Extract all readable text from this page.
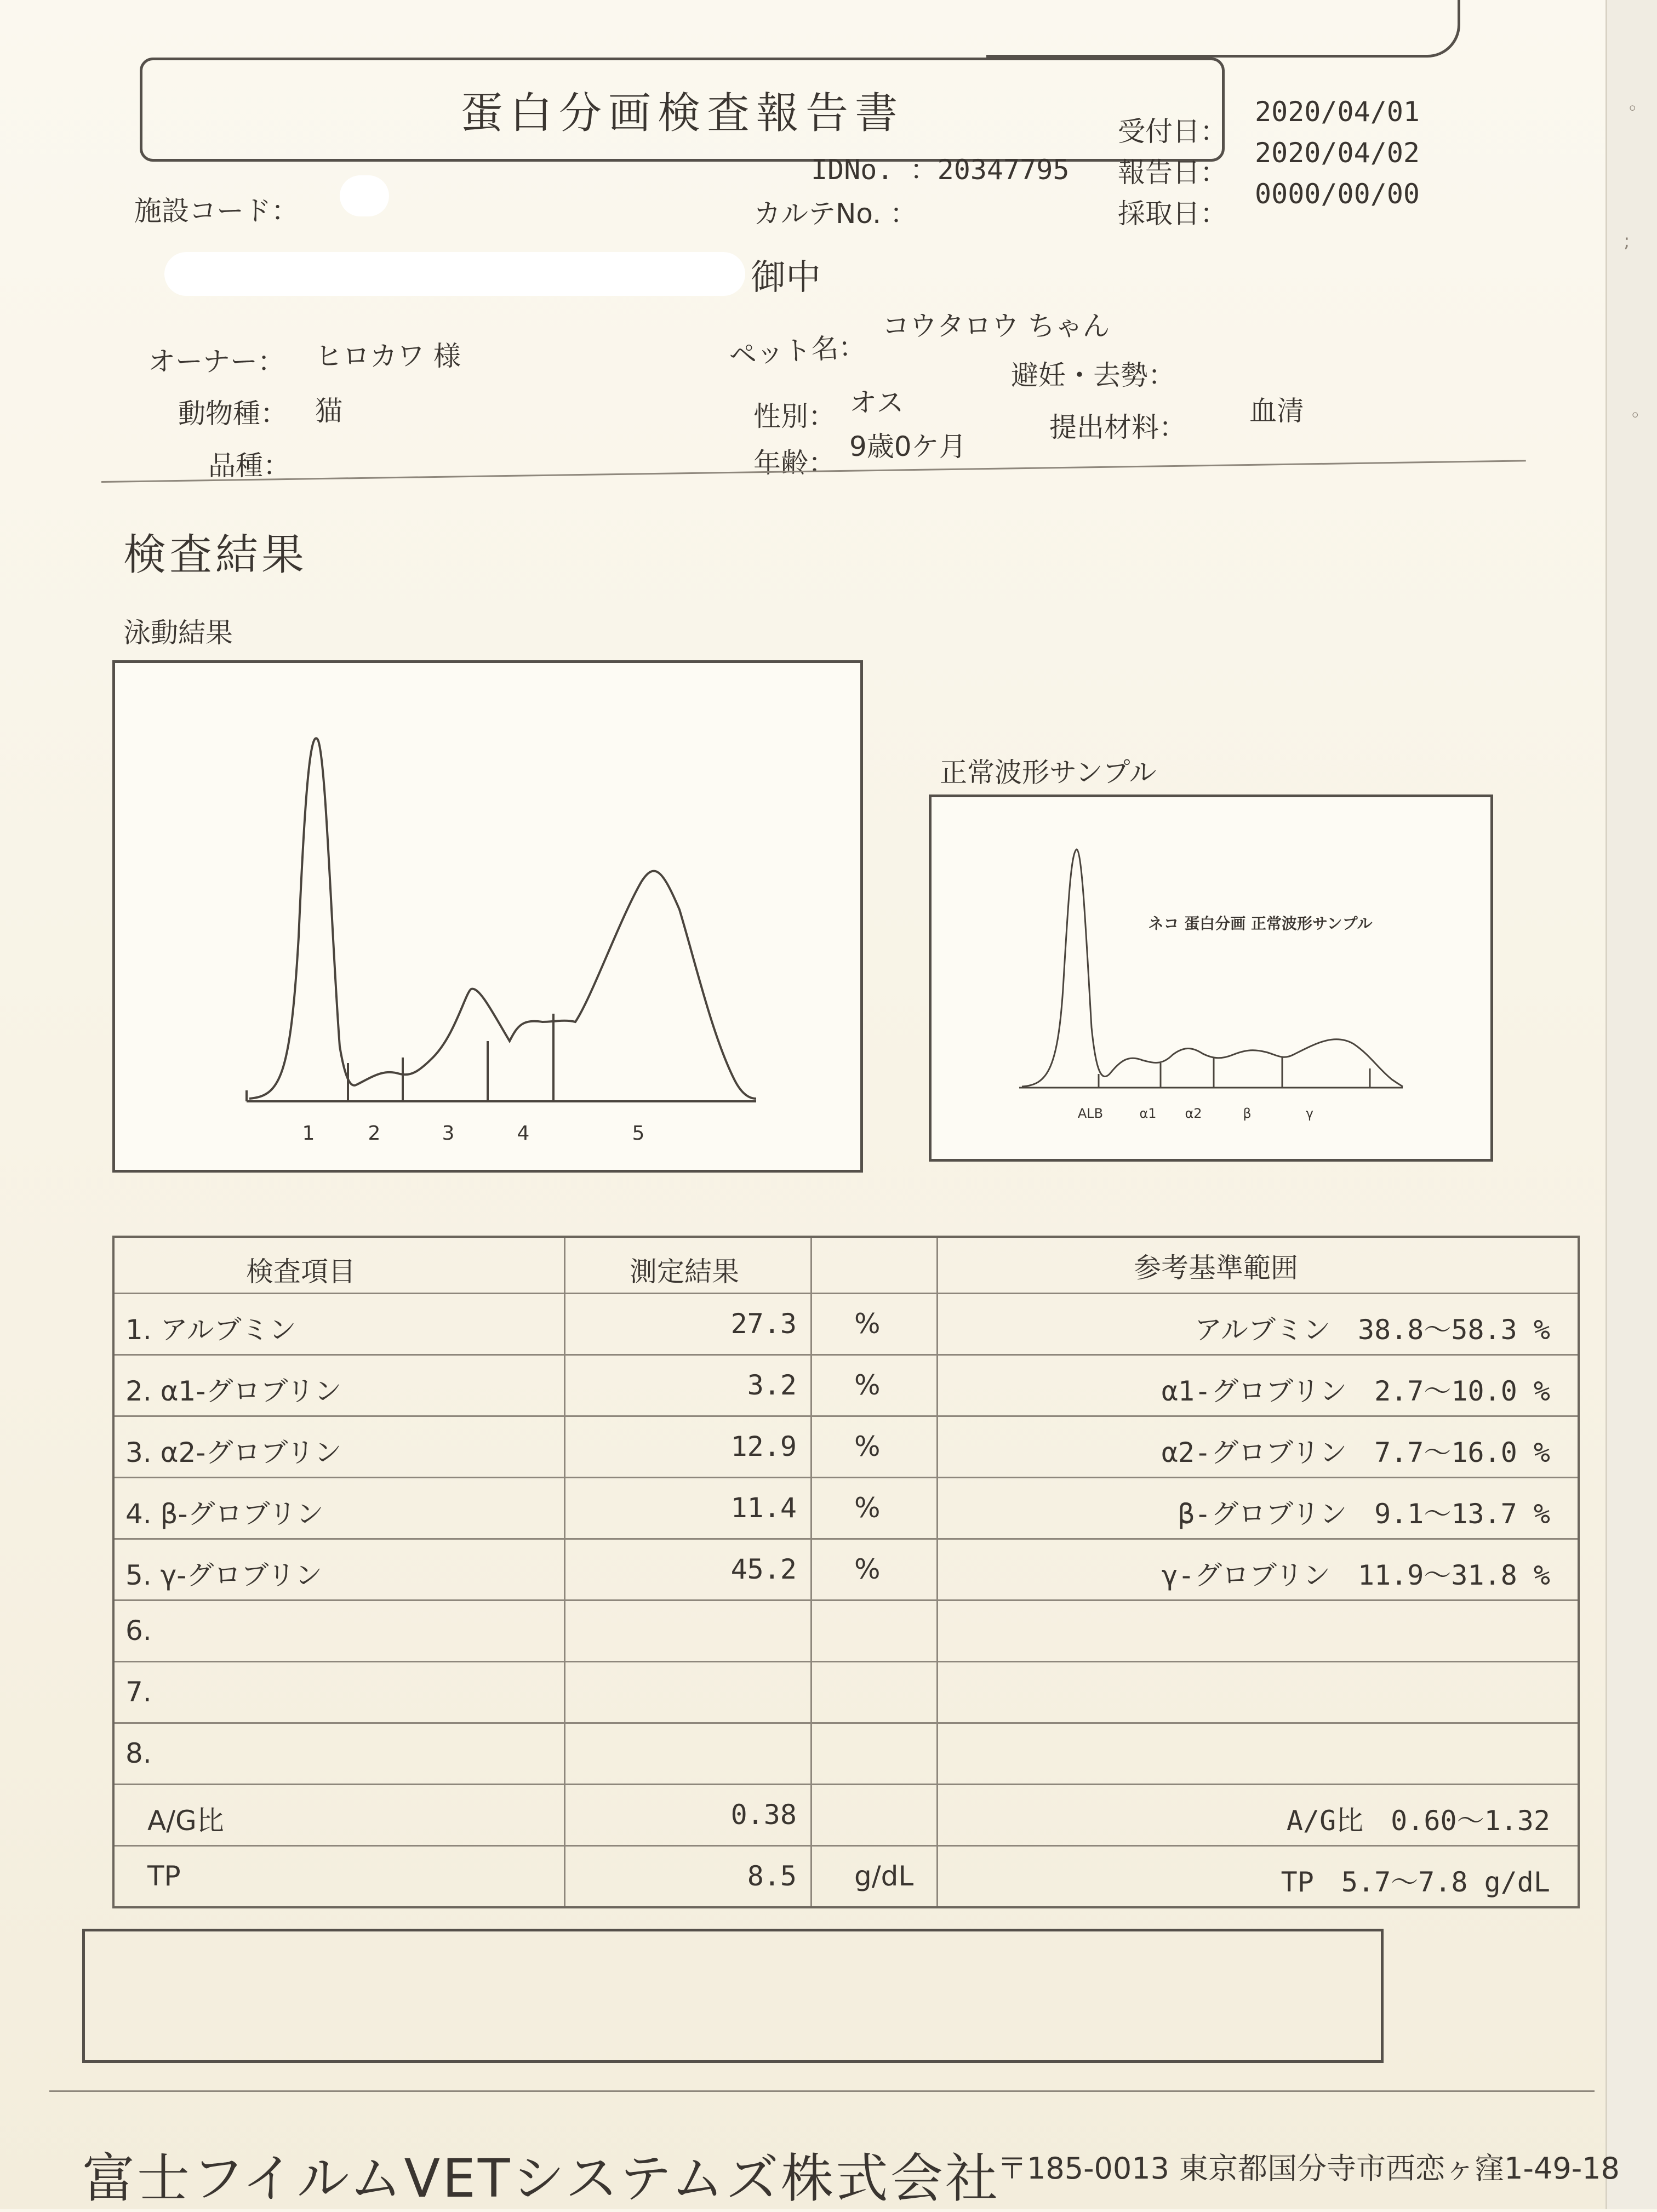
。
;
。
蛋白分画検査報告書
施設コード：
IDNo. ：20347795
カルテNo. ：
受付日：
2020/04/01
報告日：
2020/04/02
採取日：
0000/00/00
御中
オーナー： ヒロカワ 様
動物種： 猫
品種：
ペット名：
コウタロウ ちゃん
性別： オス
避妊・去勢：
年齢：
9歳0ケ月
提出材料：
血清
検査結果
泳動結果
1	2	3	4	5
正常波形サンプル
ネコ 蛋白分画 正常波形サンプル
ALB	α1 α2	β	γ
検査項目	測定結果	参考基準範囲
1. アルブミン	27.3 %	アルブミン　38.8～58.3 %
2. α1-グロブリン	3.2 %	α1-グロブリン　2.7～10.0 %
3. α2-グロブリン	12.9 %	α2-グロブリン　7.7～16.0 %
4. β-グロブリン	11.4 %	β-グロブリン　9.1～13.7 %
5. γ-グロブリン	45.2 %	γ-グロブリン　11.9～31.8 %
6.
7.
8.
A/G比	0.38	A/G比　0.60～1.32
TP	8.5 g/dL	TP　5.7～7.8 g/dL
富士フイルムVETシステムズ株式会社
〒185-0013 東京都国分寺市西恋ヶ窪1-49-18
